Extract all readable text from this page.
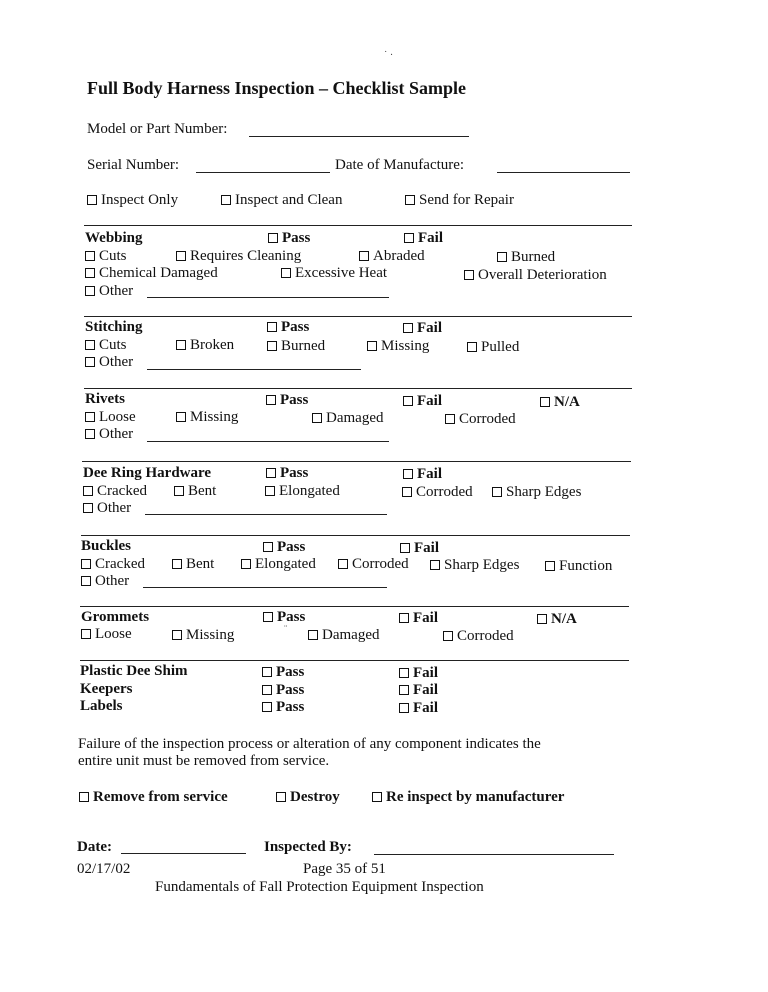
˙ ·
Full Body Harness Inspection – Checklist Sample
Model or Part Number:
Serial Number:	Date of Manufacture:
Inspect Only	Inspect and Clean	Send for Repair
Webbing	Pass	Fail
Cuts	Requires Cleaning	Abraded	Burned
Chemical Damaged	Excessive Heat	Overall Deterioration
Other
Stitching	Pass	Fail
Cuts	Broken	Burned	Missing	Pulled
Other
Rivets	Pass	Fail	N/A
Loose	Missing	Damaged	Corroded
Other
Dee Ring Hardware	Pass	Fail
Cracked	Bent	Elongated	Corroded	Sharp Edges
Other
Buckles	Pass	Fail
Cracked	Bent	Elongated	Corroded	Sharp Edges	Function
Other
Grommets	Pass	Fail	N/A
Loose	Missing	¨	Damaged	Corroded
Plastic Dee Shim	Pass	Fail
Keepers	Pass	Fail
Labels	Pass	Fail
Failure of the inspection process or alteration of any component indicates the
entire unit must be removed from service.
Remove from service	Destroy	Re inspect by manufacturer
Date:	Inspected By:
02/17/02	Page 35 of 51
Fundamentals of Fall Protection Equipment Inspection
